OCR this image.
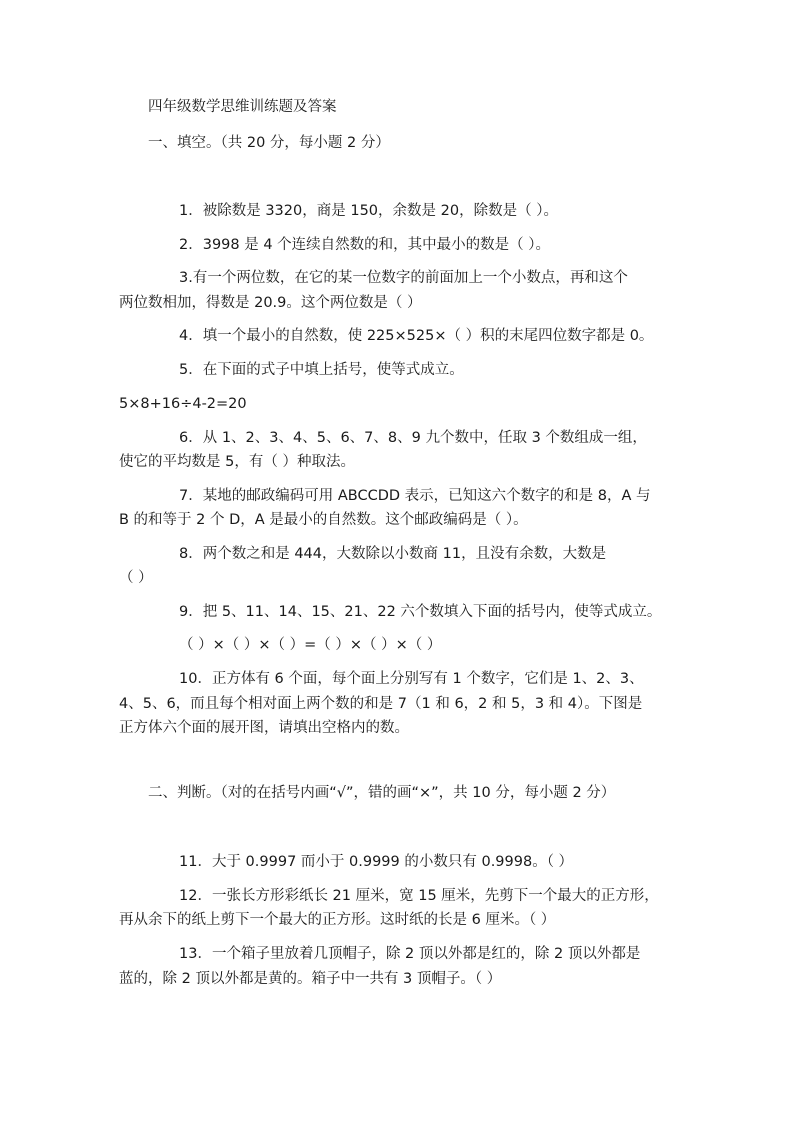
四年级数学思维训练题及答案
一、填空。（共 20 分，每小题 2 分）
1．被除数是 3320，商是 150，余数是 20，除数是（ ）。
2．3998 是 4 个连续自然数的和，其中最小的数是（ ）。
3.有一个两位数，在它的某一位数字的前面加上一个小数点，再和这个
两位数相加，得数是 20.9。这个两位数是（ ）
4．填一个最小的自然数，使 225×525×（ ）积的末尾四位数字都是 0。
5．在下面的式子中填上括号，使等式成立。
5×8+16÷4-2=20
6．从 1、2、3、4、5、6、7、8、9 九个数中，任取 3 个数组成一组，
使它的平均数是 5，有（ ）种取法。
7．某地的邮政编码可用 ABCCDD 表示，已知这六个数字的和是 8，A 与
B 的和等于 2 个 D，A 是最小的自然数。这个邮政编码是（ ）。
8．两个数之和是 444，大数除以小数商 11，且没有余数，大数是
（ ）
9．把 5、11、14、15、21、22 六个数填入下面的括号内，使等式成立。
（ ）×（ ）×（ ）=（ ）×（ ）×（ ）
10．正方体有 6 个面，每个面上分别写有 1 个数字，它们是 1、2、3、
4、5、6，而且每个相对面上两个数的和是 7（1 和 6，2 和 5，3 和 4）。下图是
正方体六个面的展开图，请填出空格内的数。
二、判断。（对的在括号内画“√”，错的画“×”，共 10 分，每小题 2 分）
11．大于 0.9997 而小于 0.9999 的小数只有 0.9998。（ ）
12．一张长方形彩纸长 21 厘米，宽 15 厘米，先剪下一个最大的正方形，
再从余下的纸上剪下一个最大的正方形。这时纸的长是 6 厘米。（ ）
13．一个箱子里放着几顶帽子，除 2 顶以外都是红的，除 2 顶以外都是
蓝的，除 2 顶以外都是黄的。箱子中一共有 3 顶帽子。（ ）
